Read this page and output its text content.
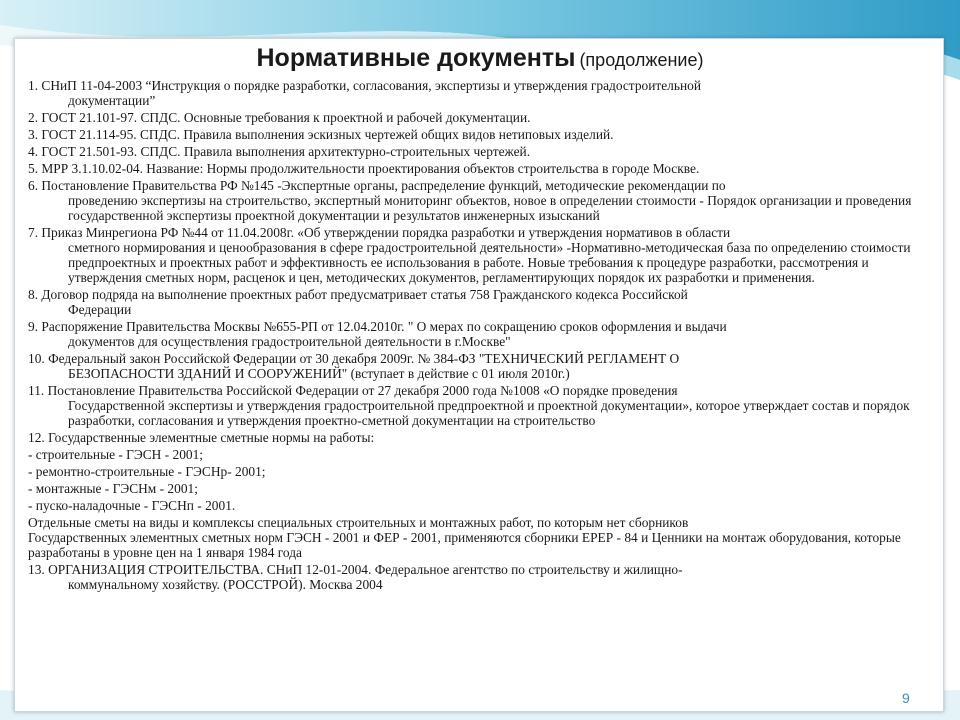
Нормативные документы (продолжение)
1. СНиП 11-04-2003 “Инструкция о порядке разработки, согласования, экспертизы и утверждения градостроительной
документации”
2. ГОСТ 21.101-97. СПДС. Основные требования к проектной и рабочей документации.
3. ГОСТ 21.114-95. СПДС. Правила выполнения эскизных чертежей общих видов нетиповых изделий.
4. ГОСТ 21.501-93. СПДС. Правила выполнения архитектурно-строительных чертежей.
5. МРР 3.1.10.02-04. Название: Нормы продолжительности проектирования объектов строительства в городе Москве.
6. Постановление Правительства РФ №145 -Экспертные органы, распределение функций, методические рекомендации по
проведению экспертизы на строительство, экспертный мониторинг объектов, новое в определении стоимости - Порядок организации и проведения государственной экспертизы проектной документации и результатов инженерных изысканий
7. Приказ Минрегиона РФ №44 от 11.04.2008г. «Об утверждении порядка разработки и утверждения нормативов в области
сметного нормирования и ценообразования в сфере градостроительной деятельности» -Нормативно-методическая база по определению стоимости предпроектных и проектных работ и эффективность ее использования в работе. Новые требования к процедуре разработки, рассмотрения и утверждения сметных норм, расценок и цен, методических документов, регламентирующих порядок их разработки и применения.
8. Договор подряда на выполнение проектных работ предусматривает статья 758 Гражданского кодекса Российской
Федерации
9. Распоряжение Правительства Москвы №655-РП от 12.04.2010г. " О мерах по сокращению сроков оформления и выдачи
документов для осуществления градостроительной деятельности в г.Москве"
10. Федеральный закон Российской Федерации от 30 декабря 2009г. № 384-ФЗ "ТЕХНИЧЕСКИЙ РЕГЛАМЕНТ О
БЕЗОПАСНОСТИ ЗДАНИЙ И СООРУЖЕНИЙ" (вступает в действие с 01 июля 2010г.)
11. Постановление Правительства Российской Федерации от 27 декабря 2000 года №1008 «О порядке проведения
Государственной экспертизы и утверждения градостроительной предпроектной и проектной документации», которое утверждает состав и порядок разработки, согласования и утверждения проектно-сметной документации на строительство
12. Государственные элементные сметные нормы на работы:
- строительные - ГЭСН - 2001;
- ремонтно-строительные - ГЭСНр- 2001;
- монтажные - ГЭСНм - 2001;
- пуско-наладочные - ГЭСНп - 2001.
Отдельные сметы на виды и комплексы специальных строительных и монтажных работ, по которым нет сборников
Государственных элементных сметных норм ГЭСН - 2001 и ФЕР - 2001, применяются сборники ЕРЕР - 84 и Ценники на монтаж оборудования, которые разработаны в уровне цен на 1 января 1984 года
13. ОРГАНИЗАЦИЯ СТРОИТЕЛЬСТВА. СНиП 12-01-2004. Федеральное агентство по строительству и жилищно-
коммунальному хозяйству. (РОССТРОЙ). Москва 2004
9
